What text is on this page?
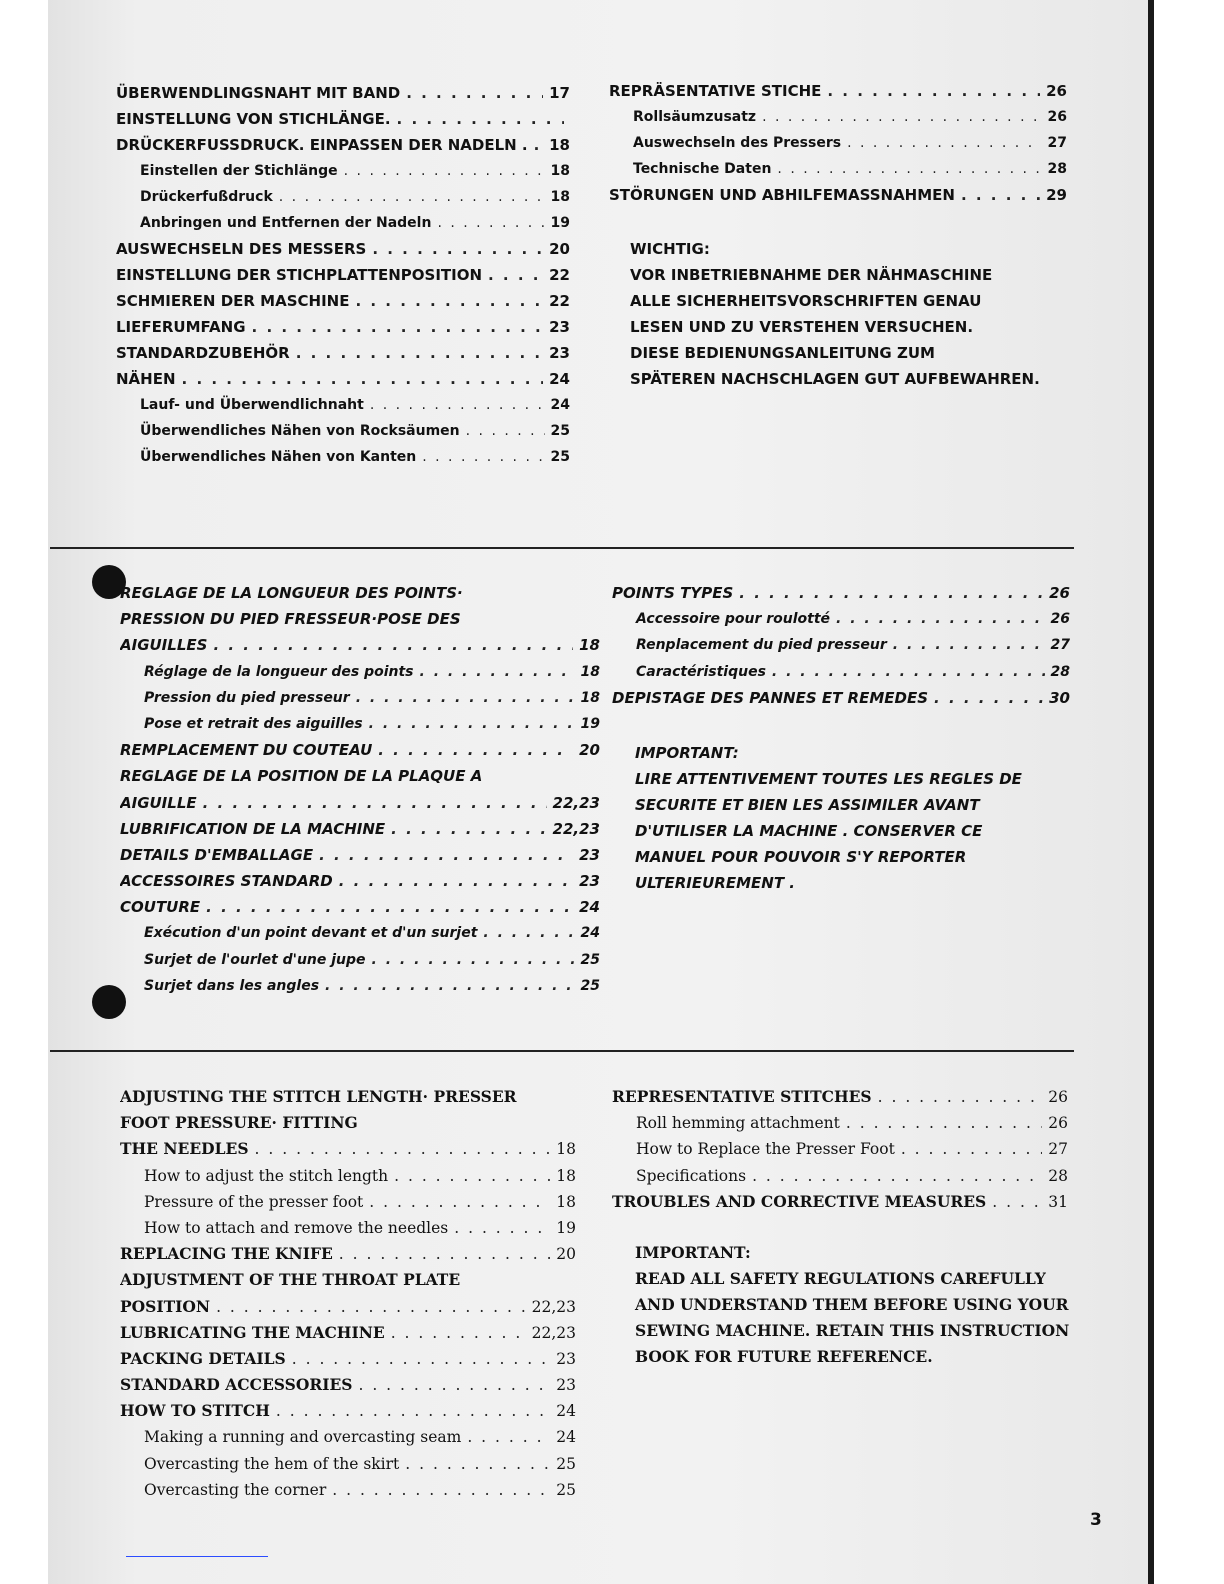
ÜBERWENDLINGSNAHT MIT BAND . . .	17
EINSTELLUNG VON STICHLÄNGE.
. . .
DRÜCKERFUSSDRUCK. EINPASSEN DER NADELN . . . . 18
Einstellen der Stichlänge . . .	18
Drückerfußdruck . . .	18
Anbringen und Entfernen der Nadeln . . .	19
AUSWECHSELN DES MESSERS . . .	20
EINSTELLUNG DER STICHPLATTENPOSITION . . .	22
SCHMIEREN DER MASCHINE . . .	22
LIEFERUMFANG . . .	23
STANDARDZUBEHÖR . . .	23
NÄHEN . . .	24
Lauf- und Überwendlichnaht . . .	24
Überwendliches Nähen von Rocksäumen . . .	25
Überwendliches Nähen von Kanten . . .	25
REPRÄSENTATIVE STICHE . . .	26
Rollsäumzusatz . . .	26
Auswechseln des Pressers . . .	27
Technische Daten . . .	28
STÖRUNGEN UND ABHILFEMASSNAHMEN . . .	29
WICHTIG:
VOR INBETRIEBNAHME DER NÄHMASCHINE
ALLE SICHERHEITSVORSCHRIFTEN GENAU
LESEN UND ZU VERSTEHEN VERSUCHEN.
DIESE BEDIENUNGSANLEITUNG ZUM
SPÄTEREN NACHSCHLAGEN GUT AUFBEWAHREN.
REGLAGE DE LA LONGUEUR DES POINTS·
PRESSION DU PIED FRESSEUR·POSE DES
AIGUILLES . . .	18
Réglage de la longueur des points . . .	18
Pression du pied presseur . . .	18
Pose et retrait des aiguilles . . .	19
REMPLACEMENT DU COUTEAU . . .	20
REGLAGE DE LA POSITION DE LA PLAQUE A
AIGUILLE . . .	22,23
LUBRIFICATION DE LA MACHINE . . .	22,23
DETAILS D'EMBALLAGE . . .	23
ACCESSOIRES STANDARD . . .	23
COUTURE . . .	24
Exécution d'un point devant et d'un surjet . . .	24
Surjet de l'ourlet d'une jupe . . .	25
Surjet dans les angles . . .	25
POINTS TYPES . . .	26
Accessoire pour roulotté . . .	26
Renplacement du pied presseur . . .	27
Caractéristiques . . .	28
DEPISTAGE DES PANNES ET REMEDES . . .	30
IMPORTANT:
LIRE ATTENTIVEMENT TOUTES LES REGLES DE
SECURITE ET BIEN LES ASSIMILER AVANT
D'UTILISER LA MACHINE . CONSERVER CE
MANUEL POUR POUVOIR S'Y REPORTER
ULTERIEUREMENT .
ADJUSTING THE STITCH LENGTH· PRESSER
FOOT PRESSURE· FITTING
THE NEEDLES . . .	18
How to adjust the stitch length . . .	18
Pressure of the presser foot . . .	18
How to attach and remove the needles . . .	19
REPLACING THE KNIFE . . .	20
ADJUSTMENT OF THE THROAT PLATE
POSITION . . .	22,23
LUBRICATING THE MACHINE . . .	22,23
PACKING DETAILS . . .	23
STANDARD ACCESSORIES . . .	23
HOW TO STITCH . . .	24
Making a running and overcasting seam . . .	24
Overcasting the hem of the skirt . . .	25
Overcasting the corner . . .	25
REPRESENTATIVE STITCHES . . .	26
Roll hemming attachment . . .	26
How to Replace the Presser Foot . . .	27
Specifications . . .	28
TROUBLES AND CORRECTIVE MEASURES . . .	31
IMPORTANT:
READ ALL SAFETY REGULATIONS CAREFULLY
AND UNDERSTAND THEM BEFORE USING YOUR
SEWING MACHINE. RETAIN THIS INSTRUCTION
BOOK FOR FUTURE REFERENCE.
3
